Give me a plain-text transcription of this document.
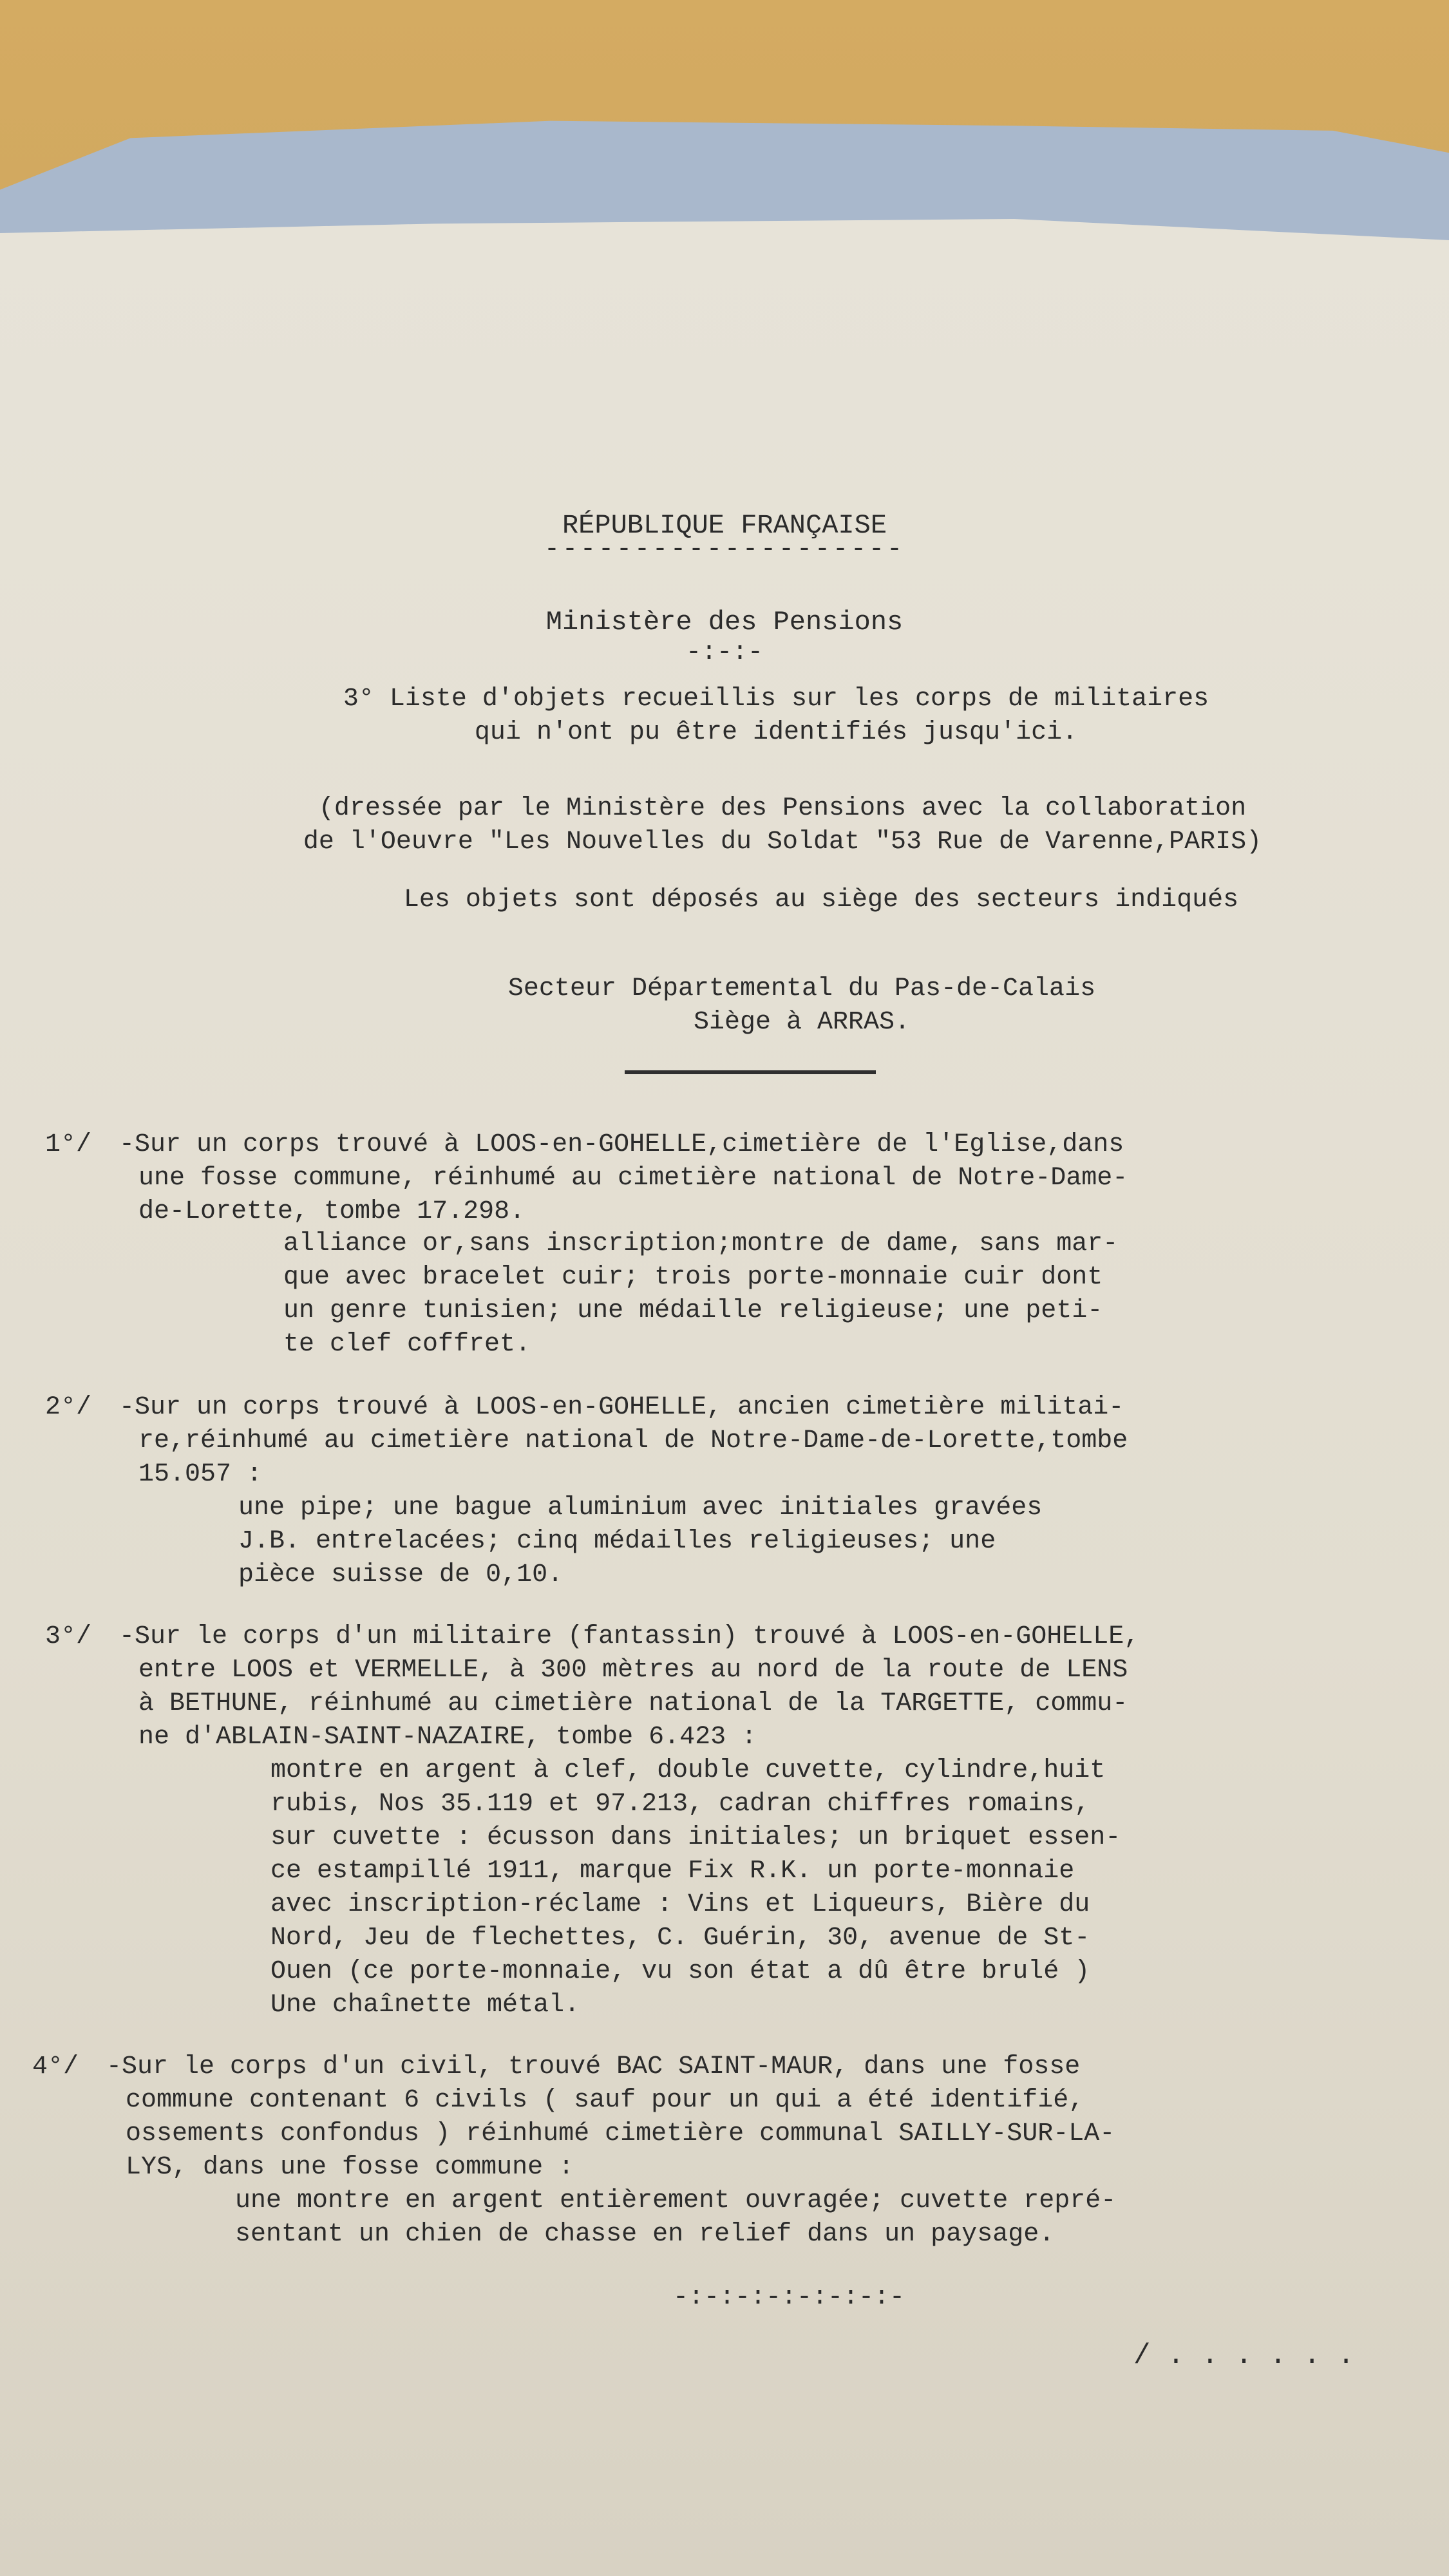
RÉPUBLIQUE FRANÇAISE
--------------------
Ministère des Pensions
-:-:-
3° Liste d'objets recueillis sur les corps de militaires
qui n'ont pu être identifiés jusqu'ici.
(dressée par le Ministère des Pensions avec la collaboration
de l'Oeuvre "Les Nouvelles du Soldat "53 Rue de Varenne,PARIS)
Les objets sont déposés au siège des secteurs indiqués
Secteur Départemental du Pas-de-Calais
Siège à ARRAS.
1°/ -Sur un corps trouvé à LOOS-en-GOHELLE,cimetière de l'Eglise,dans
une fosse commune, réinhumé au cimetière national de Notre-Dame-
de-Lorette, tombe 17.298.
alliance or,sans inscription;montre de dame, sans mar-
que avec bracelet cuir; trois porte-monnaie cuir dont
un genre tunisien; une médaille religieuse; une peti-
te clef coffret.
2°/ -Sur un corps trouvé à LOOS-en-GOHELLE, ancien cimetière militai-
re,réinhumé au cimetière national de Notre-Dame-de-Lorette,tombe
15.057 :
une pipe; une bague aluminium avec initiales gravées
J.B. entrelacées; cinq médailles religieuses; une
pièce suisse de 0,10.
3°/ -Sur le corps d'un militaire (fantassin) trouvé à LOOS-en-GOHELLE,
entre LOOS et VERMELLE, à 300 mètres au nord de la route de LENS
à BETHUNE, réinhumé au cimetière national de la TARGETTE, commu-
ne d'ABLAIN-SAINT-NAZAIRE, tombe 6.423 :
montre en argent à clef, double cuvette, cylindre,huit
rubis, Nos 35.119 et 97.213, cadran chiffres romains,
sur cuvette : écusson dans initiales; un briquet essen-
ce estampillé 1911, marque Fix R.K. un porte-monnaie
avec inscription-réclame : Vins et Liqueurs, Bière du
Nord, Jeu de flechettes, C. Guérin, 30, avenue de St-
Ouen (ce porte-monnaie, vu son état a dû être brulé )
Une chaînette métal.
4°/ -Sur le corps d'un civil, trouvé BAC SAINT-MAUR, dans une fosse
commune contenant 6 civils ( sauf pour un qui a été identifié,
ossements confondus ) réinhumé cimetière communal SAILLY-SUR-LA-
LYS, dans une fosse commune :
une montre en argent entièrement ouvragée; cuvette repré-
sentant un chien de chasse en relief dans un paysage.
-:-:-:-:-:-:-:-
/ . . . . . .
